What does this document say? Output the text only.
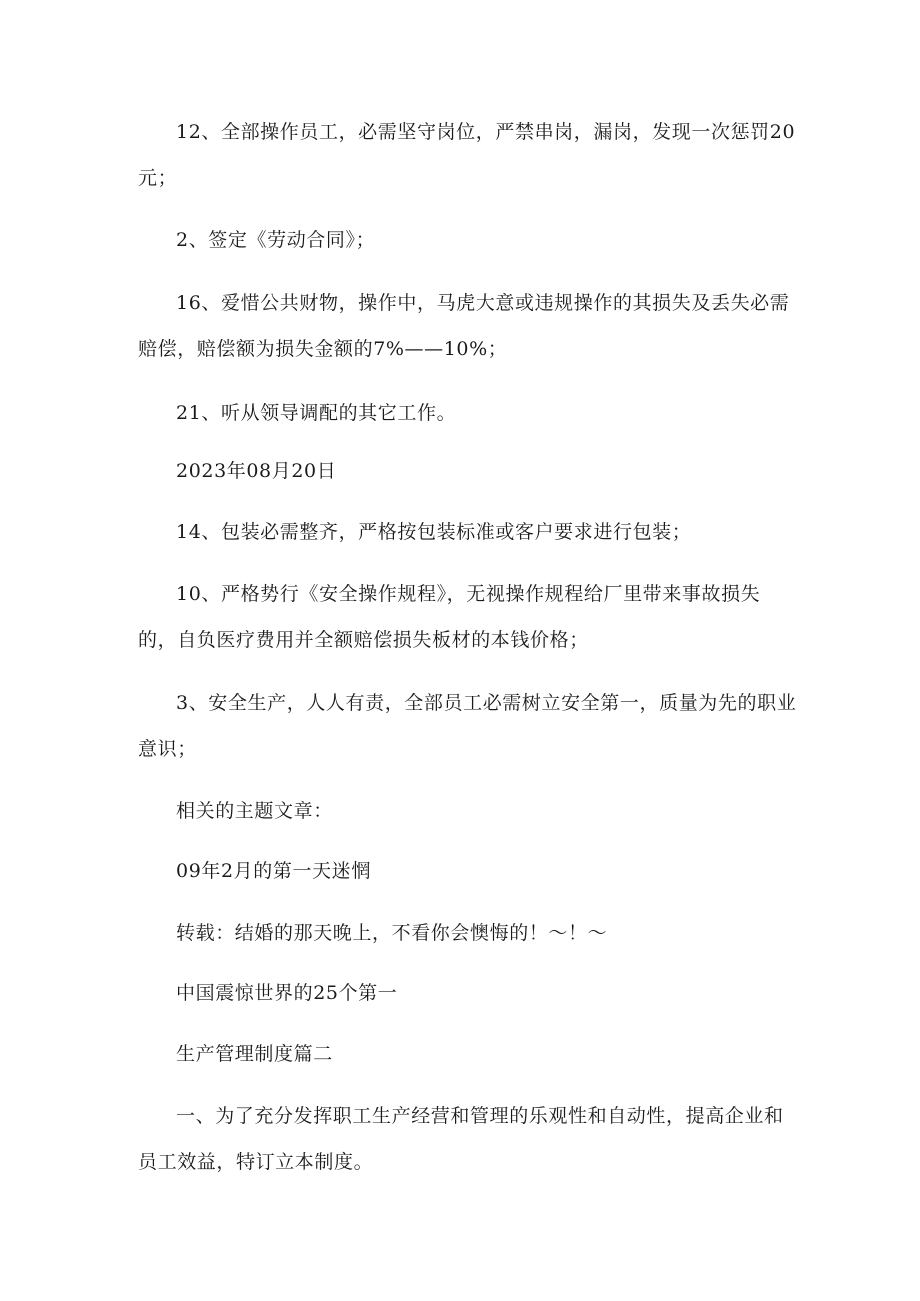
12、全部操作员工，必需坚守岗位，严禁串岗，漏岗，发现一次惩罚20元；

2、签定《劳动合同》；

16、爱惜公共财物，操作中，马虎大意或违规操作的其损失及丢失必需赔偿，赔偿额为损失金额的7%——10%；

21、听从领导调配的其它工作。

2023年08月20日

14、包装必需整齐，严格按包装标准或客户要求进行包装；

10、严格势行《安全操作规程》，无视操作规程给厂里带来事故损失的，自负医疗费用并全额赔偿损失板材的本钱价格；

3、安全生产，人人有责，全部员工必需树立安全第一，质量为先的职业意识；

相关的主题文章：

09年2月的第一天迷惘

转载：结婚的那天晚上，不看你会懊悔的！～！～

中国震惊世界的25个第一

生产管理制度篇二

一、为了充分发挥职工生产经营和管理的乐观性和自动性，提高企业和员工效益，特订立本制度。
